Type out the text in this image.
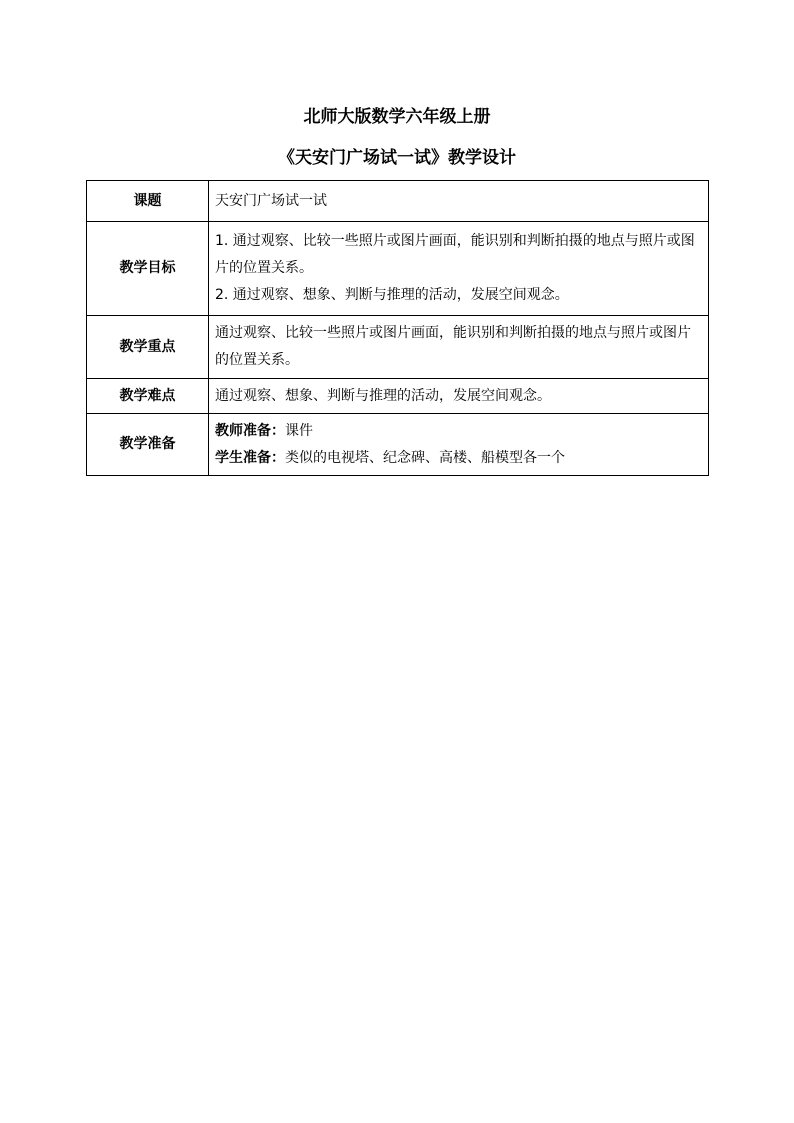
北师大版数学六年级上册
《天安门广场试一试》教学设计
课题	天安门广场试一试
教学目标	1. 通过观察、比较一些照片或图片画面，能识别和判断拍摄的地点与照片或图片的位置关系。
2. 通过观察、想象、判断与推理的活动，发展空间观念。

教学重点	通过观察、比较一些照片或图片画面，能识别和判断拍摄的地点与照片或图片的位置关系。
教学难点	通过观察、想象、判断与推理的活动，发展空间观念。
教学准备	教师准备：课件
学生准备：类似的电视塔、纪念碑、高楼、船模型各一个
